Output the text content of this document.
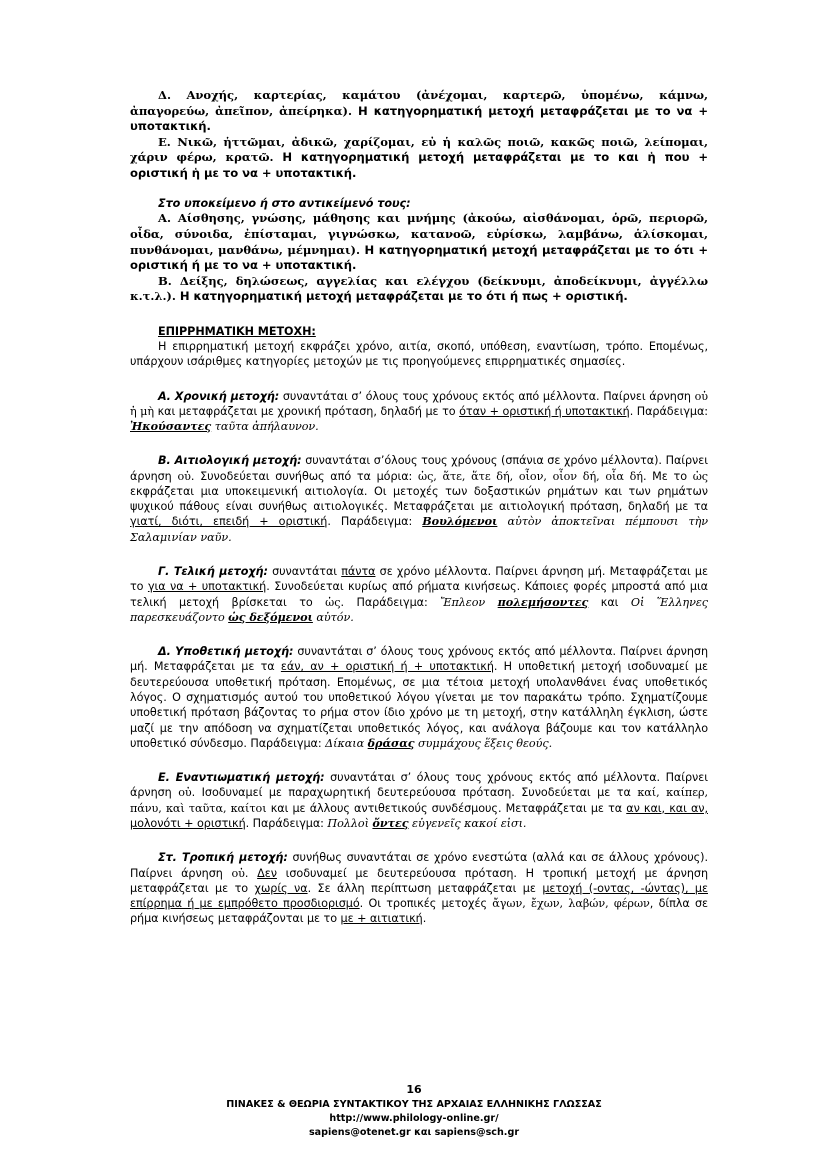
Δ. Ανοχής, καρτερίας, καμάτου (ἀνέχομαι, καρτερῶ, ὑπομένω, κάμνω, ἀπαγορεύω, ἀπεῖπον, ἀπείρηκα). Η κατηγορηματική μετοχή μεταφράζεται με το να + υποτακτική.

Ε. Νικῶ, ἡττῶμαι, ἀδικῶ, χαρίζομαι, εὐ ἡ καλῶς ποιῶ, κακῶς ποιῶ, λείπομαι, χάριν φέρω, κρατῶ. Η κατηγορηματική μετοχή μεταφράζεται με το και ἡ που + οριστική ἡ με το να + υποτακτική.

Στο υποκείμενο ή στο αντικείμενό τους:

Α. Αίσθησης, γνώσης, μάθησης και μνήμης (ἀκούω, αἰσθάνομαι, ὁρῶ, περιορῶ, οἶδα, σύνοιδα, ἐπίσταμαι, γιγνώσκω, κατανοῶ, εὑρίσκω, λαμβάνω, ἁλίσκομαι, πυνθάνομαι, μανθάνω, μέμνημαι). Η κατηγορηματική μετοχή μεταφράζεται με το ότι + οριστική ή με το να + υποτακτική.

Β. Δείξης, δηλώσεως, αγγελίας και ελέγχου (δείκνυμι, ἀποδείκνυμι, ἀγγέλλω κ.τ.λ.). Η κατηγορηματική μετοχή μεταφράζεται με το ότι ή πως + οριστική.

ΕΠΙΡΡΗΜΑΤΙΚΗ ΜΕΤΟΧΗ:

Η επιρρηματική μετοχή εκφράζει χρόνο, αιτία, σκοπό, υπόθεση, εναντίωση, τρόπο. Επομένως, υπάρχουν ισάριθμες κατηγορίες μετοχών με τις προηγούμενες επιρρηματικές σημασίες.

Α. Χρονική μετοχή: συναντάται σ’ όλους τους χρόνους εκτός από μέλλοντα. Παίρνει άρνηση οὐ ἡ μὴ και μεταφράζεται με χρονική πρόταση, δηλαδή με το όταν + οριστική ή υποτακτική. Παράδειγμα: Ἠκούσαντες ταῦτα ἀπήλαυνον.

Β. Αιτιολογική μετοχή: συναντάται σ’όλους τους χρόνους (σπάνια σε χρόνο μέλλοντα). Παίρνει άρνηση οὐ. Συνοδεύεται συνήθως από τα μόρια: ὡς, ἅτε, ἅτε δή, οἷον, οἷον δή, οἷα δή. Με το ὡς εκφράζεται μια υποκειμενική αιτιολογία. Οι μετοχές των δοξαστικών ρημάτων και των ρημάτων ψυχικού πάθους είναι συνήθως αιτιολογικές. Μεταφράζεται με αιτιολογική πρόταση, δηλαδή με τα γιατί, διότι, επειδή + οριστική. Παράδειγμα: Βουλόμενοι αὐτὸν ἀποκτεῖναι πέμπουσι τὴν Σαλαμινίαν ναῦν.

Γ. Τελική μετοχή: συναντάται πάντα σε χρόνο μέλλοντα. Παίρνει άρνηση μή. Μεταφράζεται με το για να + υποτακτική. Συνοδεύεται κυρίως από ρήματα κινήσεως. Κάποιες φορές μπροστά από μια τελική μετοχή βρίσκεται το ὡς. Παράδειγμα: Ἔπλεον πολεμήσοντες και Οἱ Ἕλληνες παρεσκευάζοντο ὡς δεξόμενοι αὐτόν.

Δ. Υποθετική μετοχή: συναντάται σ’ όλους τους χρόνους εκτός από μέλλοντα. Παίρνει άρνηση μή. Μεταφράζεται με τα εάν, αν + οριστική ή + υποτακτική. Η υποθετική μετοχή ισοδυναμεί με δευτερεύουσα υποθετική πρόταση. Επομένως, σε μια τέτοια μετοχή υπολανθάνει ένας υποθετικός λόγος. Ο σχηματισμός αυτού του υποθετικού λόγου γίνεται με τον παρακάτω τρόπο. Σχηματίζουμε υποθετική πρόταση βάζοντας το ρήμα στον ίδιο χρόνο με τη μετοχή, στην κατάλληλη έγκλιση, ώστε μαζί με την απόδοση να σχηματίζεται υποθετικός λόγος, και ανάλογα βάζουμε και τον κατάλληλο υποθετικό σύνδεσμο. Παράδειγμα: Δίκαια δράσας συμμάχους ἕξεις θεούς.

Ε. Εναντιωματική μετοχή: συναντάται σ’ όλους τους χρόνους εκτός από μέλλοντα. Παίρνει άρνηση οὐ. Ισοδυναμεί με παραχωρητική δευτερεύουσα πρόταση. Συνοδεύεται με τα καί, καίπερ, πάνυ, καὶ ταῦτα, καίτοι και με άλλους αντιθετικούς συνδέσμους. Μεταφράζεται με τα αν και, και αν, μολονότι + οριστική. Παράδειγμα: Πολλοὶ ὄντες εὐγενεῖς κακοί εἰσι.

Στ. Τροπική μετοχή: συνήθως συναντάται σε χρόνο ενεστώτα (αλλά και σε άλλους χρόνους). Παίρνει άρνηση οὐ. Δεν ισοδυναμεί με δευτερεύουσα πρόταση. Η τροπική μετοχή με άρνηση μεταφράζεται με το χωρίς να. Σε άλλη περίπτωση μεταφράζεται με μετοχή (-οντας, -ώντας), με επίρρημα ή με εμπρόθετο προσδιορισμό. Οι τροπικές μετοχές ἄγων, ἔχων, λαβών, φέρων, δίπλα σε ρήμα κινήσεως μεταφράζονται με το με + αιτιατική.

16
ΠΙΝΑΚΕΣ & ΘΕΩΡΙΑ ΣΥΝΤΑΚΤΙΚΟΥ ΤΗΣ ΑΡΧΑΙΑΣ ΕΛΛΗΝΙΚΗΣ ΓΛΩΣΣΑΣ
http://www.philology-online.gr/
sapiens@otenet.gr και sapiens@sch.gr
